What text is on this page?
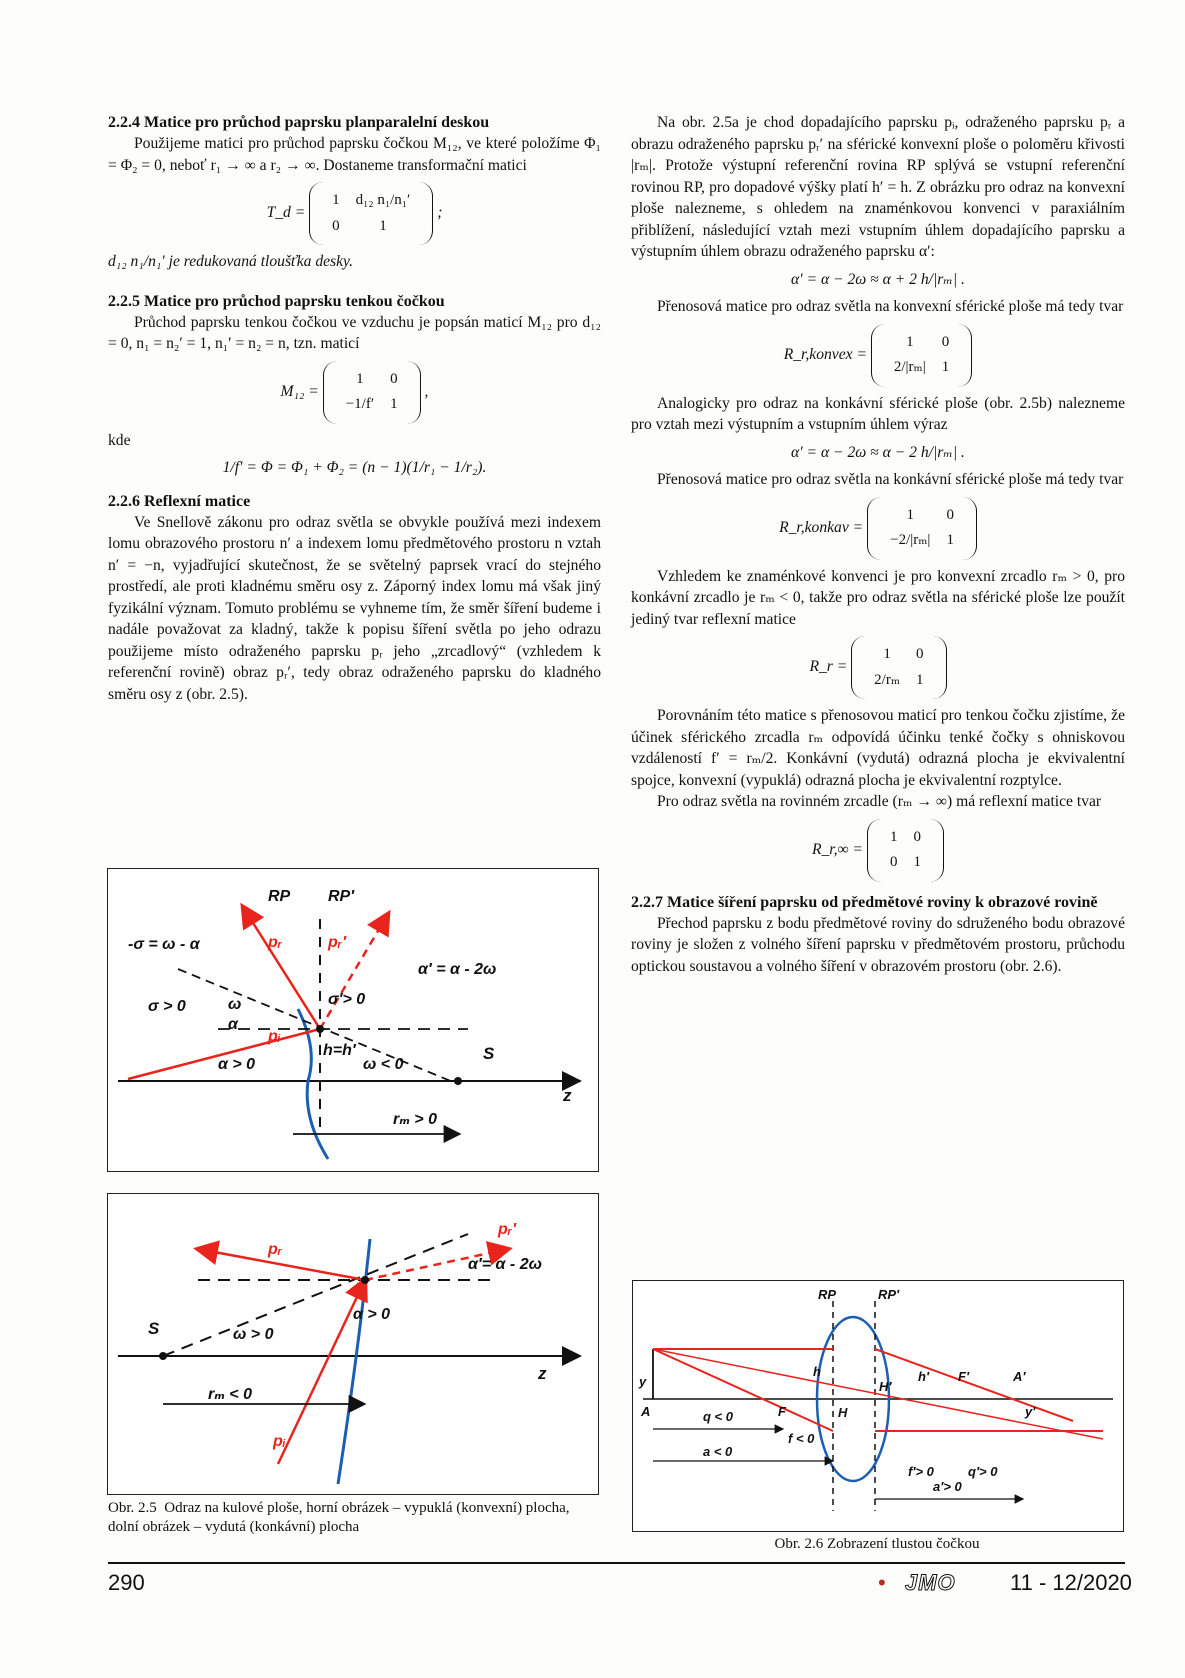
2.2.4 Matice pro průchod paprsku planparalelní deskou

Použijeme matici pro průchod paprsku čočkou M₁₂, ve které položíme Φ₁ = Φ₂ = 0, neboť r₁ → ∞ a r₂ → ∞. Dostaneme transformační matici

T_d =
1	d₁₂ n₁/n₁′
0	1
;

d₁₂ n₁/n₁′ je redukovaná tloušťka desky.

2.2.5 Matice pro průchod paprsku tenkou čočkou

Průchod paprsku tenkou čočkou ve vzduchu je popsán maticí M₁₂ pro d₁₂ = 0, n₁ = n₂′ = 1, n₁′ = n₂ = n, tzn. maticí

M₁₂ =
1	0
−1/f′	1
,

kde

1/f′ = Φ = Φ₁ + Φ₂ = (n − 1)(1/r₁ − 1/r₂).
2.2.6 Reflexní matice

Ve Snellově zákonu pro odraz světla se obvykle používá mezi indexem lomu obrazového prostoru n′ a indexem lomu předmětového prostoru n vztah n′ = −n, vyjadřující skutečnost, že se světelný paprsek vrací do stejného prostředí, ale proti kladnému směru osy z. Záporný index lomu má však jiný fyzikální význam. Tomuto problému se vyhneme tím, že směr šíření budeme i nadále považovat za kladný, takže k popisu šíření světla po jeho odrazu použijeme místo odraženého paprsku pᵣ jeho „zrcadlový“ (vzhledem k referenční rovině) obraz pᵣ′, tedy obraz odraženého paprsku do kladného směru osy z (obr. 2.5).

RP RP′
pᵣ	pᵣ′
pᵢ
-σ = ω - α
σ > 0	σ′> 0
ω
α
α > 0
h=h′
ω < 0
α′ = α - 2ω
S
z
rₘ > 0
pᵣ
pᵣ′
α′= α - 2ω
S	ω > 0
α > 0
rₘ < 0
z
pᵢ
Obr. 2.5 Odraz na kulové ploše, horní obrázek – vypuklá (konvexní) plocha, dolní obrázek – vydutá (konkávní) plocha

Na obr. 2.5a je chod dopadajícího paprsku pᵢ, odraženého paprsku pᵣ a obrazu odraženého paprsku pᵣ′ na sférické konvexní ploše o poloměru křivosti |rₘ|. Protože výstupní referenční rovina RP splývá se vstupní referenční rovinou RP, pro dopadové výšky platí h′ = h. Z obrázku pro odraz na konvexní ploše nalezneme, s ohledem na znaménkovou konvenci v paraxiálním přiblížení, následující vztah mezi vstupním úhlem dopadajícího paprsku a výstupním úhlem obrazu odraženého paprsku α′:

α′ = α − 2ω ≈ α + 2 h/|rₘ| .

Přenosová matice pro odraz světla na konvexní sférické ploše má tedy tvar

R_r,konvex =
1	0
2/|rₘ|	1

Analogicky pro odraz na konkávní sférické ploše (obr. 2.5b) nalezneme pro vztah mezi výstupním a vstupním úhlem výraz

α′ = α − 2ω ≈ α − 2 h/|rₘ| .

Přenosová matice pro odraz světla na konkávní sférické ploše má tedy tvar

R_r,konkav =
1	0
−2/|rₘ|	1

Vzhledem ke znaménkové konvenci je pro konvexní zrcadlo rₘ > 0, pro konkávní zrcadlo je rₘ < 0, takže pro odraz světla na sférické ploše lze použít jediný tvar reflexní matice

R_r =
1	0
2/rₘ	1

Porovnáním této matice s přenosovou maticí pro tenkou čočku zjistíme, že účinek sférického zrcadla rₘ odpovídá účinku tenké čočky s ohniskovou vzdáleností f′ = rₘ/2. Konkávní (vydutá) odrazná plocha je ekvivalentní spojce, konvexní (vypuklá) odrazná plocha je ekvivalentní rozptylce.

Pro odraz světla na rovinném zrcadle (rₘ → ∞) má reflexní matice tvar

R_r,∞ =
1	0
0	1
2.2.7 Matice šíření paprsku od předmětové roviny k obrazové rovině

Přechod paprsku z bodu předmětové roviny do sdruženého bodu obrazové roviny je složen z volného šíření paprsku v předmětovém prostoru, průchodu optickou soustavou a volného šíření v obrazovém prostoru (obr. 2.6).

RP	RP′
y
A
h	h′
F
F′
H
H′
A′
y′
q < 0
a < 0
f < 0
f′> 0	q′> 0
a′> 0
Obr. 2.6 Zobrazení tlustou čočkou
290	• JMO 11 - 12/2020
